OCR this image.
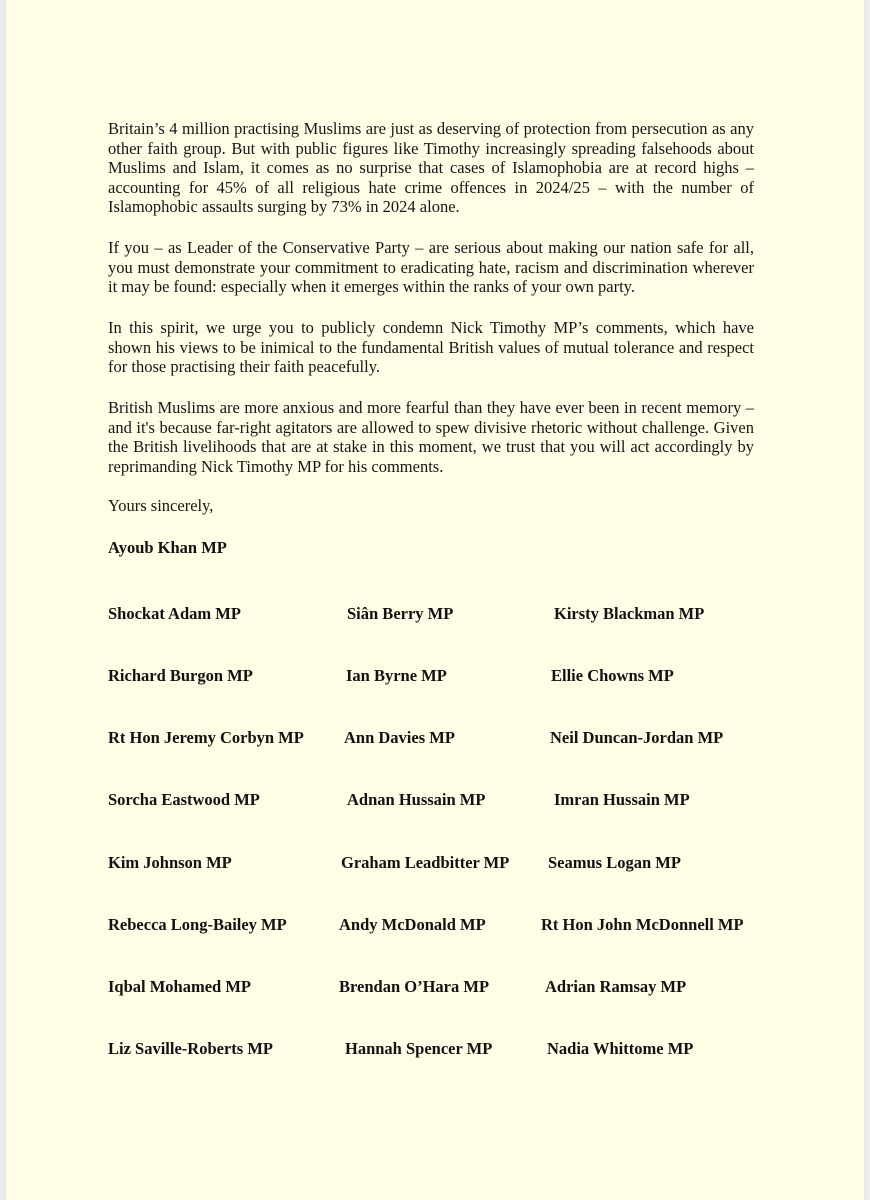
Britain’s 4 million practising Muslims are just as deserving of protection from persecution as any other faith group. But with public figures like Timothy increasingly spreading falsehoods about Muslims and Islam, it comes as no surprise that cases of Islamophobia are at record highs – accounting for 45% of all religious hate crime offences in 2024/25 – with the number of Islamophobic assaults surging by 73% in 2024 alone.

If you – as Leader of the Conservative Party – are serious about making our nation safe for all, you must demonstrate your commitment to eradicating hate, racism and discrimination wherever it may be found: especially when it emerges within the ranks of your own party.

In this spirit, we urge you to publicly condemn Nick Timothy MP’s comments, which have shown his views to be inimical to the fundamental British values of mutual tolerance and respect for those practising their faith peacefully.

British Muslims are more anxious and more fearful than they have ever been in recent memory – and it's because far-right agitators are allowed to spew divisive rhetoric without challenge. Given the British livelihoods that are at stake in this moment, we trust that you will act accordingly by reprimanding Nick Timothy MP for his comments.

Yours sincerely,

Ayoub Khan MP

Shockat Adam MP	Siân Berry MP	Kirsty Blackman MP

Richard Burgon MP	Ian Byrne MP	Ellie Chowns MP

Rt Hon Jeremy Corbyn MP Ann Davies MP	Neil Duncan-Jordan MP

Sorcha Eastwood MP	Adnan Hussain MP	Imran Hussain MP

Kim Johnson MP	Graham Leadbitter MP Seamus Logan MP

Rebecca Long-Bailey MP	Andy McDonald MP	Rt Hon John McDonnell MP

Iqbal Mohamed MP	Brendan O’Hara MP	Adrian Ramsay MP

Liz Saville-Roberts MP	Hannah Spencer MP	Nadia Whittome MP
